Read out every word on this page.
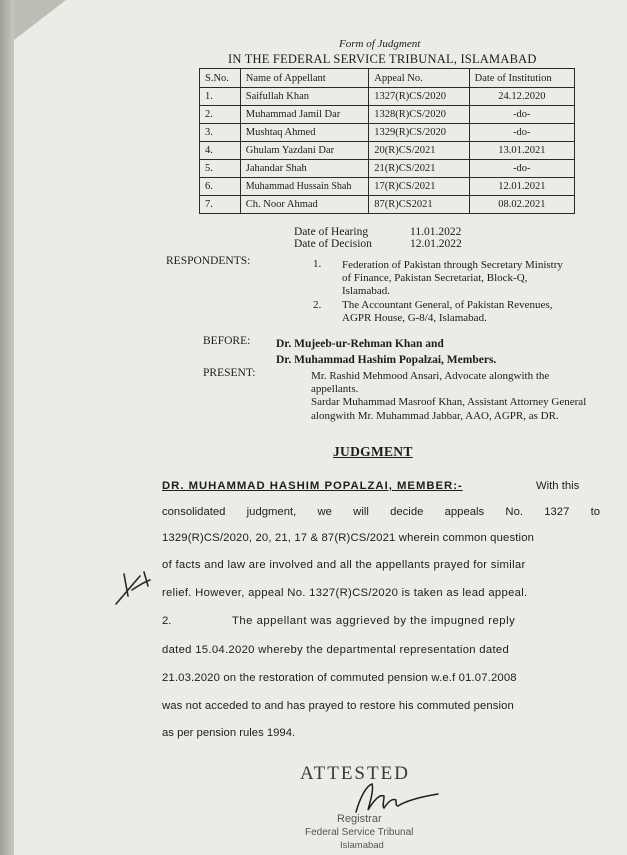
Form of Judgment
IN THE FEDERAL SERVICE TRIBUNAL, ISLAMABAD
S.No.	Name of Appellant	Appeal No.	Date of Institution
1.	Saifullah Khan	1327(R)CS/2020	24.12.2020
2.	Muhammad Jamil Dar	1328(R)CS/2020	-do-
3.	Mushtaq Ahmed	1329(R)CS/2020	-do-
4.	Ghulam Yazdani Dar	20(R)CS/2021	13.01.2021
5.	Jahandar Shah	21(R)CS/2021	-do-
6.	Muhammad Hussain Shah	17(R)CS/2021	12.01.2021
7.	Ch. Noor Ahmad	87(R)CS2021	08.02.2021
Date of Hearing	11.01.2022
Date of Decision	12.01.2022
RESPONDENTS:	1. Federation of Pakistan through Secretary Ministry of Finance, Pakistan Secretariat, Block-Q, Islamabad.
2. The Accountant General, of Pakistan Revenues, AGPR House, G-8/4, Islamabad.
BEFORE: Dr. Mujeeb-ur-Rehman Khan and
Dr. Muhammad Hashim Popalzai, Members.
PRESENT:	Mr. Rashid Mehmood Ansari, Advocate alongwith the appellants.
Sardar Muhammad Masroof Khan, Assistant Attorney General alongwith Mr. Muhammad Jabbar, AAO, AGPR, as DR.
JUDGMENT
DR. MUHAMMAD HASHIM POPALZAI, MEMBER:-	With this
consolidated judgment, we will decide appeals No. 1327 to
1329(R)CS/2020, 20, 21, 17 & 87(R)CS/2021 wherein common question
of facts and law are involved and all the appellants prayed for similar
relief. However, appeal No. 1327(R)CS/2020 is taken as lead appeal.
2.	The appellant was aggrieved by the impugned reply
dated 15.04.2020 whereby the departmental representation dated
21.03.2020 on the restoration of commuted pension w.e.f 01.07.2008
was not acceded to and has prayed to restore his commuted pension
as per pension rules 1994.
ATTESTED
Registrar
Federal Service Tribunal
Islamabad
